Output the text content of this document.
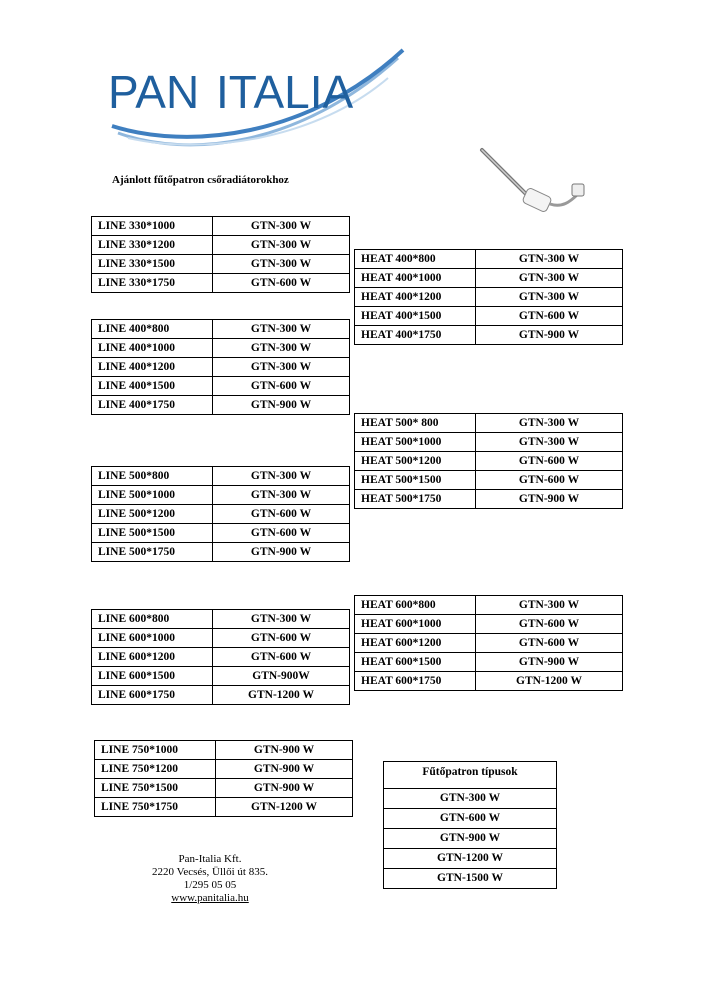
PAN ITALIA
Ajánlott fűtőpatron csőradiátorokhoz
LINE 330*1000	GTN-300 W
LINE 330*1200	GTN-300 W
LINE 330*1500	GTN-300 W
LINE 330*1750	GTN-600 W
LINE 400*800	GTN-300 W
LINE 400*1000	GTN-300 W
LINE 400*1200	GTN-300 W
LINE 400*1500	GTN-600 W
LINE 400*1750	GTN-900 W
LINE 500*800	GTN-300 W
LINE 500*1000	GTN-300 W
LINE 500*1200	GTN-600 W
LINE 500*1500	GTN-600 W
LINE 500*1750	GTN-900 W
LINE 600*800	GTN-300 W
LINE 600*1000	GTN-600 W
LINE 600*1200	GTN-600 W
LINE 600*1500	GTN-900W
LINE 600*1750	GTN-1200 W
LINE 750*1000	GTN-900 W
LINE 750*1200	GTN-900 W
LINE 750*1500	GTN-900 W
LINE 750*1750	GTN-1200 W
HEAT 400*800	GTN-300 W
HEAT 400*1000	GTN-300 W
HEAT 400*1200	GTN-300 W
HEAT 400*1500	GTN-600 W
HEAT 400*1750	GTN-900 W
HEAT 500* 800	GTN-300 W
HEAT 500*1000	GTN-300 W
HEAT 500*1200	GTN-600 W
HEAT 500*1500	GTN-600 W
HEAT 500*1750	GTN-900 W
HEAT 600*800	GTN-300 W
HEAT 600*1000	GTN-600 W
HEAT 600*1200	GTN-600 W
HEAT 600*1500	GTN-900 W
HEAT 600*1750	GTN-1200 W
Fűtőpatron típusok
GTN-300 W
GTN-600 W
GTN-900 W
GTN-1200 W
GTN-1500 W
Pan-Italia Kft.
2220 Vecsés, Üllői út 835.
1/295 05 05
www.panitalia.hu
